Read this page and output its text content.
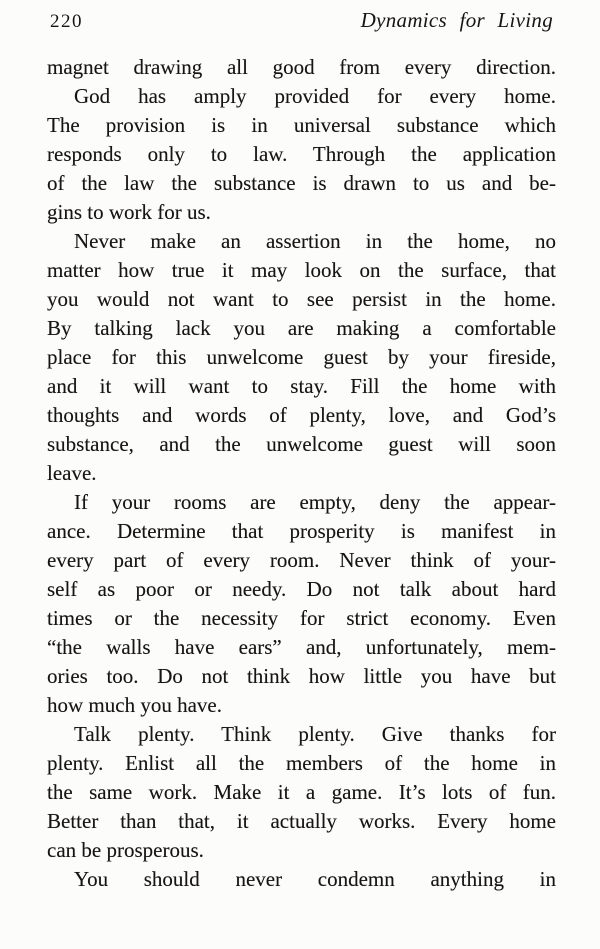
220	Dynamics for Living

magnet drawing all good from every direction.

God has amply provided for every home.
The provision is in universal substance which
responds only to law. Through the application
of the law the substance is drawn to us and be-
gins to work for us.

Never make an assertion in the home, no
matter how true it may look on the surface, that
you would not want to see persist in the home.
By talking lack you are making a comfortable
place for this unwelcome guest by your fireside,
and it will want to stay. Fill the home with
thoughts and words of plenty, love, and God’s
substance, and the unwelcome guest will soon
leave.

If your rooms are empty, deny the appear-
ance. Determine that prosperity is manifest in
every part of every room. Never think of your-
self as poor or needy. Do not talk about hard
times or the necessity for strict economy. Even
“the walls have ears” and, unfortunately, mem-
ories too. Do not think how little you have but
how much you have.

Talk plenty. Think plenty. Give thanks for
plenty. Enlist all the members of the home in
the same work. Make it a game. It’s lots of fun.
Better than that, it actually works. Every home
can be prosperous.

You should never condemn anything in
